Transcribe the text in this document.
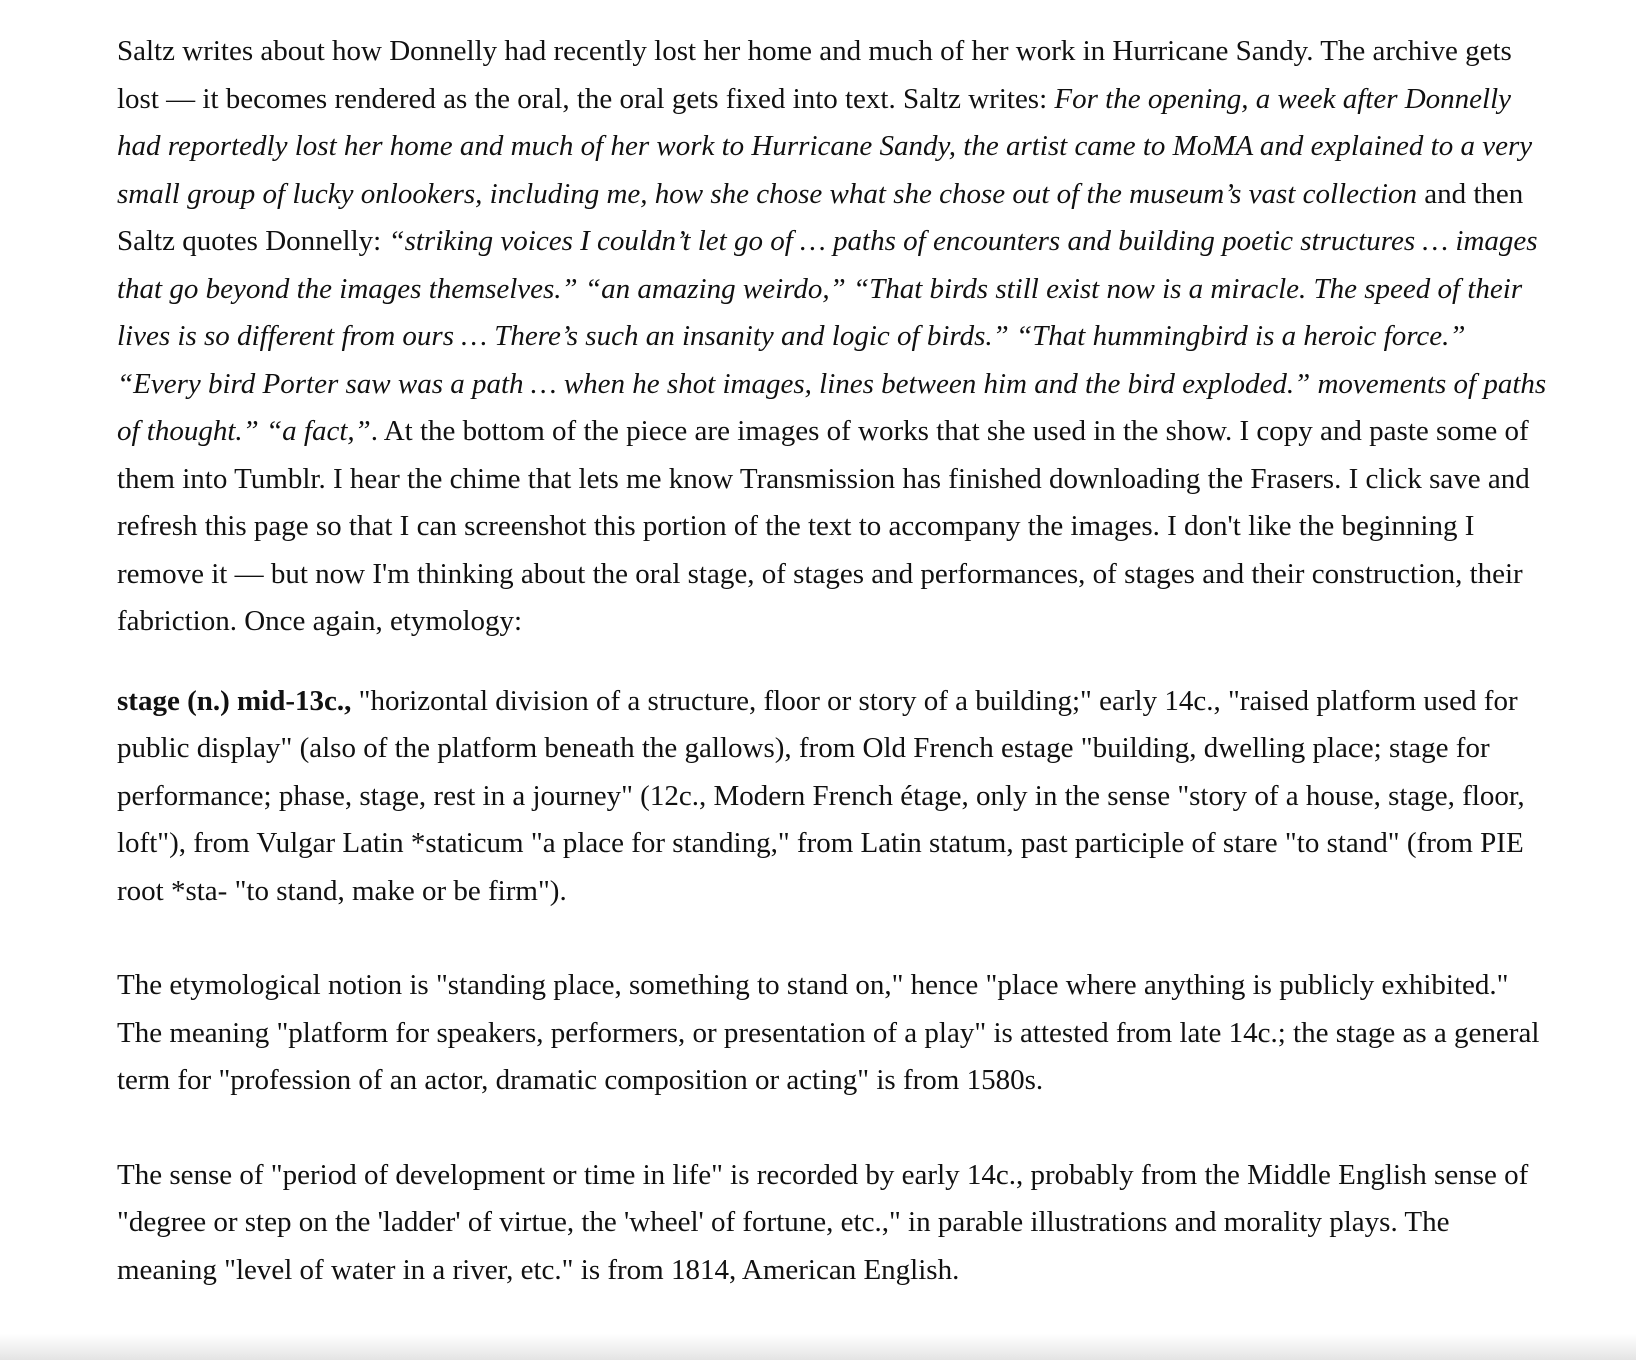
Saltz writes about how Donnelly had recently lost her home and much of her work in Hurricane Sandy. The archive gets lost — it becomes rendered as the oral, the oral gets fixed into text. Saltz writes: For the opening, a week after Donnelly had reportedly lost her home and much of her work to Hurricane Sandy, the artist came to MoMA and explained to a very small group of lucky onlookers, including me, how she chose what she chose out of the museum’s vast collection and then Saltz quotes Donnelly: “striking voices I couldn’t let go of … paths of encounters and building poetic structures … images that go beyond the images themselves.” “an amazing weirdo,” “That birds still exist now is a miracle. The speed of their lives is so different from ours … There’s such an insanity and logic of birds.” “That hummingbird is a heroic force.” “Every bird Porter saw was a path … when he shot images, lines between him and the bird exploded.” movements of paths of thought.” “a fact,”. At the bottom of the piece are images of works that she used in the show. I copy and paste some of them into Tumblr. I hear the chime that lets me know Transmission has finished downloading the Frasers. I click save and refresh this page so that I can screenshot this portion of the text to accompany the images. I don't like the beginning I remove it — but now I'm thinking about the oral stage, of stages and performances, of stages and their construction, their fabriction. Once again, etymology:

stage (n.) mid-13c., "horizontal division of a structure, floor or story of a building;" early 14c., "raised platform used for public display" (also of the platform beneath the gallows), from Old French estage "building, dwelling place; stage for performance; phase, stage, rest in a journey" (12c., Modern French étage, only in the sense "story of a house, stage, floor, loft"), from Vulgar Latin *staticum "a place for standing," from Latin statum, past participle of stare "to stand" (from PIE root *sta- "to stand, make or be firm").

The etymological notion is "standing place, something to stand on," hence "place where anything is publicly exhibited." The meaning "platform for speakers, performers, or presentation of a play" is attested from late 14c.; the stage as a general term for "profession of an actor, dramatic composition or acting" is from 1580s.

The sense of "period of development or time in life" is recorded by early 14c., probably from the Middle English sense of "degree or step on the 'ladder' of virtue, the 'wheel' of fortune, etc.," in parable illustrations and morality plays. The meaning "level of water in a river, etc." is from 1814, American English.
